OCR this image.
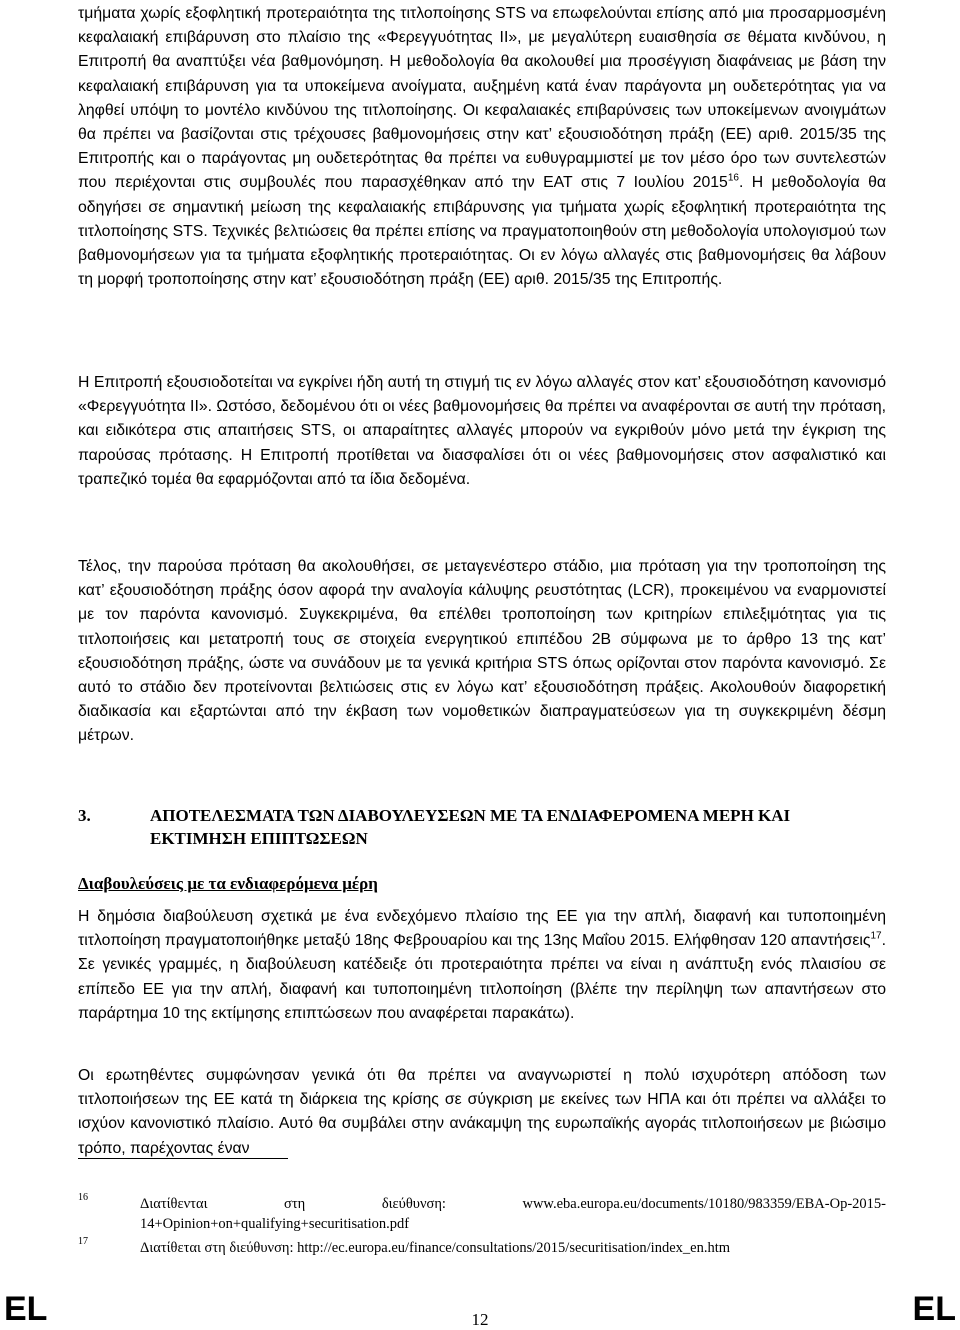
τμήματα χωρίς εξοφλητική προτεραιότητα της τιτλοποίησης STS να επωφελούνται επίσης από μια προσαρμοσμένη κεφαλαιακή επιβάρυνση στο πλαίσιο της «Φερεγγυότητας ΙΙ», με μεγαλύτερη ευαισθησία σε θέματα κινδύνου, η Επιτροπή θα αναπτύξει νέα βαθμονόμηση. Η μεθοδολογία θα ακολουθεί μια προσέγγιση διαφάνειας με βάση την κεφαλαιακή επιβάρυνση για τα υποκείμενα ανοίγματα, αυξημένη κατά έναν παράγοντα μη ουδετερότητας για να ληφθεί υπόψη το μοντέλο κινδύνου της τιτλοποίησης. Οι κεφαλαιακές επιβαρύνσεις των υποκείμενων ανοιγμάτων θα πρέπει να βασίζονται στις τρέχουσες βαθμονομήσεις στην κατ’ εξουσιοδότηση πράξη (ΕΕ) αριθ. 2015/35 της Επιτροπής και ο παράγοντας μη ουδετερότητας θα πρέπει να ευθυγραμμιστεί με τον μέσο όρο των συντελεστών που περιέχονται στις συμβουλές που παρασχέθηκαν από την ΕΑΤ στις 7 Ιουλίου 2015$^{16}$. Η μεθοδολογία θα οδηγήσει σε σημαντική μείωση της κεφαλαιακής επιβάρυνσης για τμήματα χωρίς εξοφλητική προτεραιότητα της τιτλοποίησης STS. Τεχνικές βελτιώσεις θα πρέπει επίσης να πραγματοποιηθούν στη μεθοδολογία υπολογισμού των βαθμονομήσεων για τα τμήματα εξοφλητικής προτεραιότητας. Οι εν λόγω αλλαγές στις βαθμονομήσεις θα λάβουν τη μορφή τροποποίησης στην κατ’ εξουσιοδότηση πράξη (ΕΕ) αριθ. 2015/35 της Επιτροπής.

Η Επιτροπή εξουσιοδοτείται να εγκρίνει ήδη αυτή τη στιγμή τις εν λόγω αλλαγές στον κατ’ εξουσιοδότηση κανονισμό «Φερεγγυότητα ΙΙ». Ωστόσο, δεδομένου ότι οι νέες βαθμονομήσεις θα πρέπει να αναφέρονται σε αυτή την πρόταση, και ειδικότερα στις απαιτήσεις STS, οι απαραίτητες αλλαγές μπορούν να εγκριθούν μόνο μετά την έγκριση της παρούσας πρότασης. Η Επιτροπή προτίθεται να διασφαλίσει ότι οι νέες βαθμονομήσεις στον ασφαλιστικό και τραπεζικό τομέα θα εφαρμόζονται από τα ίδια δεδομένα.

Τέλος, την παρούσα πρόταση θα ακολουθήσει, σε μεταγενέστερο στάδιο, μια πρόταση για την τροποποίηση της κατ’ εξουσιοδότηση πράξης όσον αφορά την αναλογία κάλυψης ρευστότητας (LCR), προκειμένου να εναρμονιστεί με τον παρόντα κανονισμό. Συγκεκριμένα, θα επέλθει τροποποίηση των κριτηρίων επιλεξιμότητας για τις τιτλοποιήσεις και μετατροπή τους σε στοιχεία ενεργητικού επιπέδου 2Β σύμφωνα με το άρθρο 13 της κατ’ εξουσιοδότηση πράξης, ώστε να συνάδουν με τα γενικά κριτήρια STS όπως ορίζονται στον παρόντα κανονισμό. Σε αυτό το στάδιο δεν προτείνονται βελτιώσεις στις εν λόγω κατ’ εξουσιοδότηση πράξεις. Ακολουθούν διαφορετική διαδικασία και εξαρτώνται από την έκβαση των νομοθετικών διαπραγματεύσεων για τη συγκεκριμένη δέσμη μέτρων.

3.	ΑΠΟΤΕΛΕΣΜΑΤΑ ΤΩΝ ΔΙΑΒΟΥΛΕΥΣΕΩΝ ΜΕ ΤΑ ΕΝΔΙΑΦΕΡΟΜΕΝΑ ΜΕΡΗ ΚΑΙ ΕΚΤΙΜΗΣΗ ΕΠΙΠΤΩΣΕΩΝ
Διαβουλεύσεις με τα ενδιαφερόμενα μέρη

Η δημόσια διαβούλευση σχετικά με ένα ενδεχόμενο πλαίσιο της ΕΕ για την απλή, διαφανή και τυποποιημένη τιτλοποίηση πραγματοποιήθηκε μεταξύ 18ης Φεβρουαρίου και της 13ης Μαΐου 2015. Ελήφθησαν 120 απαντήσεις$^{17}$. Σε γενικές γραμμές, η διαβούλευση κατέδειξε ότι προτεραιότητα πρέπει να είναι η ανάπτυξη ενός πλαισίου σε επίπεδο ΕΕ για την απλή, διαφανή και τυποποιημένη τιτλοποίηση (βλέπε την περίληψη των απαντήσεων στο παράρτημα 10 της εκτίμησης επιπτώσεων που αναφέρεται παρακάτω).

Οι ερωτηθέντες συμφώνησαν γενικά ότι θα πρέπει να αναγνωριστεί η πολύ ισχυρότερη απόδοση των τιτλοποιήσεων της ΕΕ κατά τη διάρκεια της κρίσης σε σύγκριση με εκείνες των ΗΠΑ και ότι πρέπει να αλλάξει το ισχύον κανονιστικό πλαίσιο. Αυτό θα συμβάλει στην ανάκαμψη της ευρωπαϊκής αγοράς τιτλοποιήσεων με βιώσιμο τρόπο, παρέχοντας έναν

16	Διατίθενται στη διεύθυνση: www.eba.europa.eu/documents/10180/983359/EBA-Op-2015-14+Opinion+on+qualifying+securitisation.pdf
17	Διατίθεται στη διεύθυνση: http://ec.europa.eu/finance/consultations/2015/securitisation/index_en.htm
EL	12	EL
